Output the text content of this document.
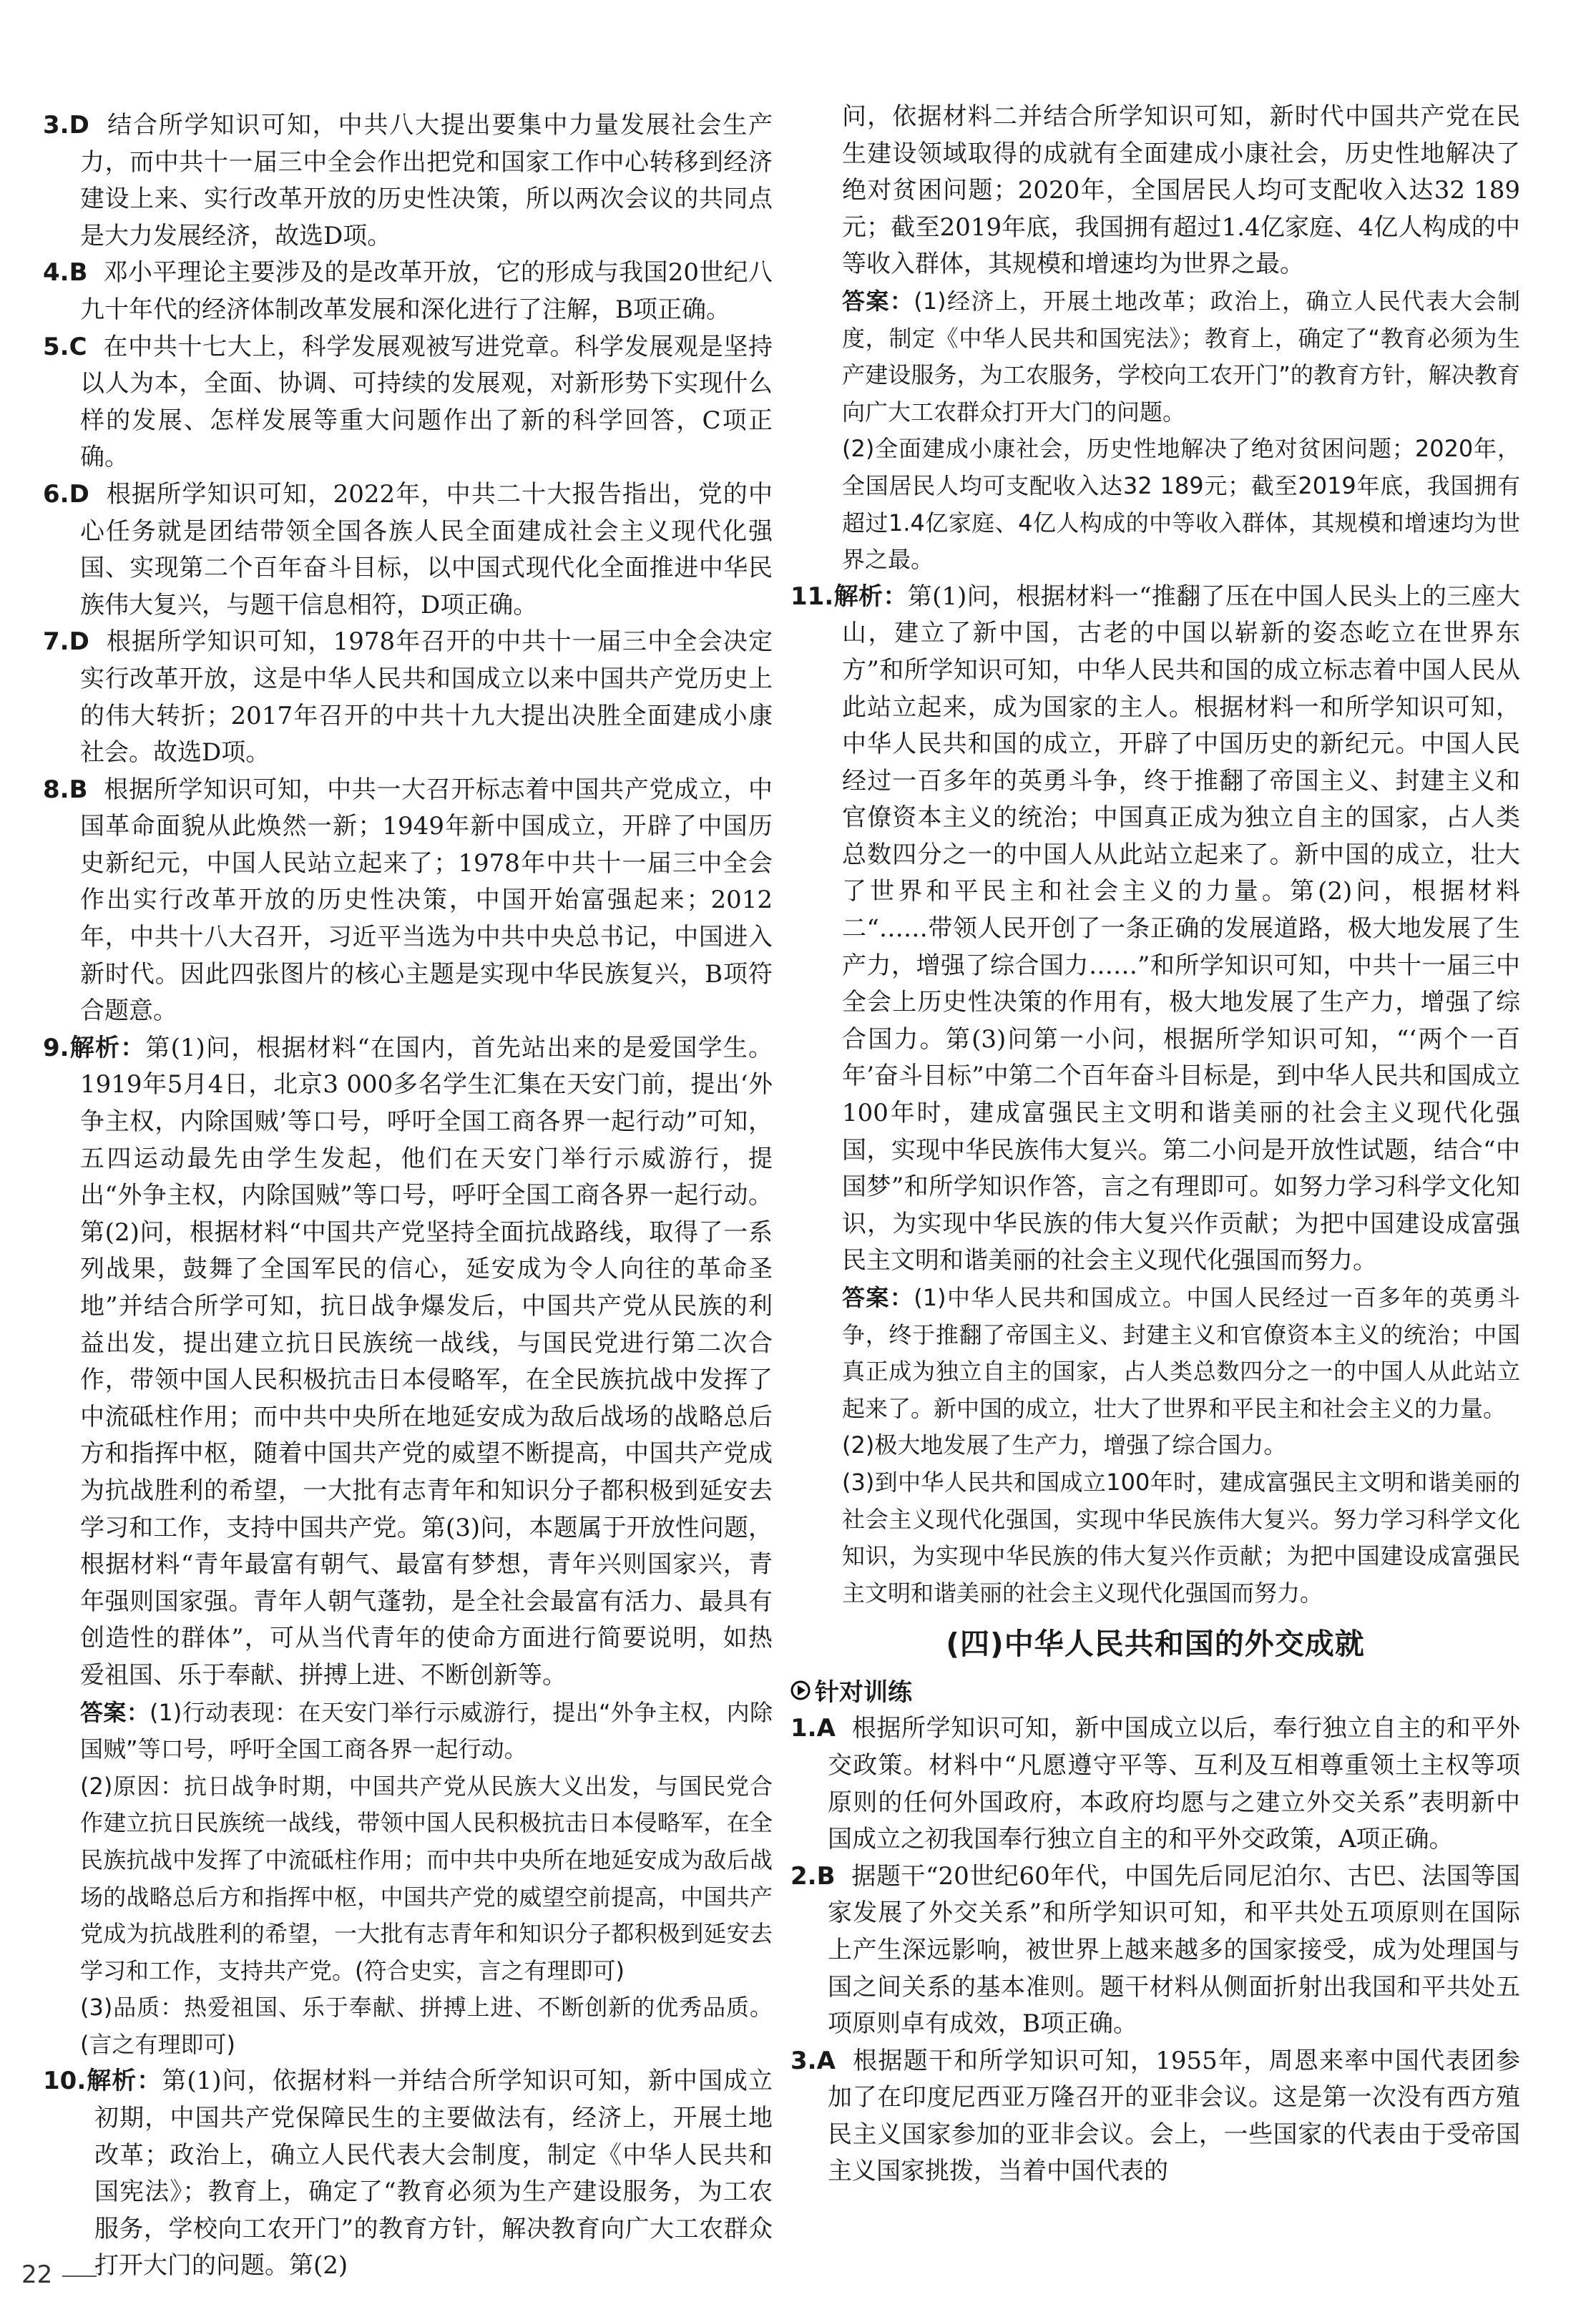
3.D 结合所学知识可知，中共八大提出要集中力量发展社会生产力，而中共十一届三中全会作出把党和国家工作中心转移到经济建设上来、实行改革开放的历史性决策，所以两次会议的共同点是大力发展经济，故选D项。
4.B 邓小平理论主要涉及的是改革开放，它的形成与我国20世纪八九十年代的经济体制改革发展和深化进行了注解，B项正确。
5.C 在中共十七大上，科学发展观被写进党章。科学发展观是坚持以人为本，全面、协调、可持续的发展观，对新形势下实现什么样的发展、怎样发展等重大问题作出了新的科学回答，C项正确。
6.D 根据所学知识可知，2022年，中共二十大报告指出，党的中心任务就是团结带领全国各族人民全面建成社会主义现代化强国、实现第二个百年奋斗目标，以中国式现代化全面推进中华民族伟大复兴，与题干信息相符，D项正确。
7.D 根据所学知识可知，1978年召开的中共十一届三中全会决定实行改革开放，这是中华人民共和国成立以来中国共产党历史上的伟大转折；2017年召开的中共十九大提出决胜全面建成小康社会。故选D项。
8.B 根据所学知识可知，中共一大召开标志着中国共产党成立，中国革命面貌从此焕然一新；1949年新中国成立，开辟了中国历史新纪元，中国人民站立起来了；1978年中共十一届三中全会作出实行改革开放的历史性决策，中国开始富强起来；2012年，中共十八大召开，习近平当选为中共中央总书记，中国进入新时代。因此四张图片的核心主题是实现中华民族复兴，B项符合题意。
9.解析：第(1)问，根据材料“在国内，首先站出来的是爱国学生。1919年5月4日，北京3 000多名学生汇集在天安门前，提出‘外争主权，内除国贼’等口号，呼吁全国工商各界一起行动”可知，五四运动最先由学生发起，他们在天安门举行示威游行，提出“外争主权，内除国贼”等口号，呼吁全国工商各界一起行动。第(2)问，根据材料“中国共产党坚持全面抗战路线，取得了一系列战果，鼓舞了全国军民的信心，延安成为令人向往的革命圣地”并结合所学可知，抗日战争爆发后，中国共产党从民族的利益出发，提出建立抗日民族统一战线，与国民党进行第二次合作，带领中国人民积极抗击日本侵略军，在全民族抗战中发挥了中流砥柱作用；而中共中央所在地延安成为敌后战场的战略总后方和指挥中枢，随着中国共产党的威望不断提高，中国共产党成为抗战胜利的希望，一大批有志青年和知识分子都积极到延安去学习和工作，支持中国共产党。第(3)问，本题属于开放性问题，根据材料“青年最富有朝气、最富有梦想，青年兴则国家兴，青年强则国家强。青年人朝气蓬勃，是全社会最富有活力、最具有创造性的群体”，可从当代青年的使命方面进行简要说明，如热爱祖国、乐于奉献、拼搏上进、不断创新等。
答案：(1)行动表现：在天安门举行示威游行，提出“外争主权，内除国贼”等口号，呼吁全国工商各界一起行动。
(2)原因：抗日战争时期，中国共产党从民族大义出发，与国民党合作建立抗日民族统一战线，带领中国人民积极抗击日本侵略军，在全民族抗战中发挥了中流砥柱作用；而中共中央所在地延安成为敌后战场的战略总后方和指挥中枢，中国共产党的威望空前提高，中国共产党成为抗战胜利的希望，一大批有志青年和知识分子都积极到延安去学习和工作，支持共产党。(符合史实，言之有理即可)
(3)品质：热爱祖国、乐于奉献、拼搏上进、不断创新的优秀品质。(言之有理即可)
10.解析：第(1)问，依据材料一并结合所学知识可知，新中国成立初期，中国共产党保障民生的主要做法有，经济上，开展土地改革；政治上，确立人民代表大会制度，制定《中华人民共和国宪法》；教育上，确定了“教育必须为生产建设服务，为工农服务，学校向工农开门”的教育方针，解决教育向广大工农群众打开大门的问题。第(2)
问，依据材料二并结合所学知识可知，新时代中国共产党在民生建设领域取得的成就有全面建成小康社会，历史性地解决了绝对贫困问题；2020年，全国居民人均可支配收入达32 189元；截至2019年底，我国拥有超过1.4亿家庭、4亿人构成的中等收入群体，其规模和增速均为世界之最。
答案：(1)经济上，开展土地改革；政治上，确立人民代表大会制度，制定《中华人民共和国宪法》；教育上，确定了“教育必须为生产建设服务，为工农服务，学校向工农开门”的教育方针，解决教育向广大工农群众打开大门的问题。
(2)全面建成小康社会，历史性地解决了绝对贫困问题；2020年，全国居民人均可支配收入达32 189元；截至2019年底，我国拥有超过1.4亿家庭、4亿人构成的中等收入群体，其规模和增速均为世界之最。
11.解析：第(1)问，根据材料一“推翻了压在中国人民头上的三座大山，建立了新中国，古老的中国以崭新的姿态屹立在世界东方”和所学知识可知，中华人民共和国的成立标志着中国人民从此站立起来，成为国家的主人。根据材料一和所学知识可知，中华人民共和国的成立，开辟了中国历史的新纪元。中国人民经过一百多年的英勇斗争，终于推翻了帝国主义、封建主义和官僚资本主义的统治；中国真正成为独立自主的国家，占人类总数四分之一的中国人从此站立起来了。新中国的成立，壮大了世界和平民主和社会主义的力量。第(2)问，根据材料二“……带领人民开创了一条正确的发展道路，极大地发展了生产力，增强了综合国力……”和所学知识可知，中共十一届三中全会上历史性决策的作用有，极大地发展了生产力，增强了综合国力。第(3)问第一小问，根据所学知识可知，“‘两个一百年’奋斗目标”中第二个百年奋斗目标是，到中华人民共和国成立100年时，建成富强民主文明和谐美丽的社会主义现代化强国，实现中华民族伟大复兴。第二小问是开放性试题，结合“中国梦”和所学知识作答，言之有理即可。如努力学习科学文化知识，为实现中华民族的伟大复兴作贡献；为把中国建设成富强民主文明和谐美丽的社会主义现代化强国而努力。
答案：(1)中华人民共和国成立。中国人民经过一百多年的英勇斗争，终于推翻了帝国主义、封建主义和官僚资本主义的统治；中国真正成为独立自主的国家，占人类总数四分之一的中国人从此站立起来了。新中国的成立，壮大了世界和平民主和社会主义的力量。
(2)极大地发展了生产力，增强了综合国力。
(3)到中华人民共和国成立100年时，建成富强民主文明和谐美丽的社会主义现代化强国，实现中华民族伟大复兴。努力学习科学文化知识，为实现中华民族的伟大复兴作贡献；为把中国建设成富强民主文明和谐美丽的社会主义现代化强国而努力。
(四)中华人民共和国的外交成就
针对训练
1.A 根据所学知识可知，新中国成立以后，奉行独立自主的和平外交政策。材料中“凡愿遵守平等、互利及互相尊重领土主权等项原则的任何外国政府，本政府均愿与之建立外交关系”表明新中国成立之初我国奉行独立自主的和平外交政策，A项正确。
2.B 据题干“20世纪60年代，中国先后同尼泊尔、古巴、法国等国家发展了外交关系”和所学知识可知，和平共处五项原则在国际上产生深远影响，被世界上越来越多的国家接受，成为处理国与国之间关系的基本准则。题干材料从侧面折射出我国和平共处五项原则卓有成效，B项正确。
3.A 根据题干和所学知识可知，1955年，周恩来率中国代表团参加了在印度尼西亚万隆召开的亚非会议。这是第一次没有西方殖民主义国家参加的亚非会议。会上，一些国家的代表由于受帝国主义国家挑拨，当着中国代表的
22
